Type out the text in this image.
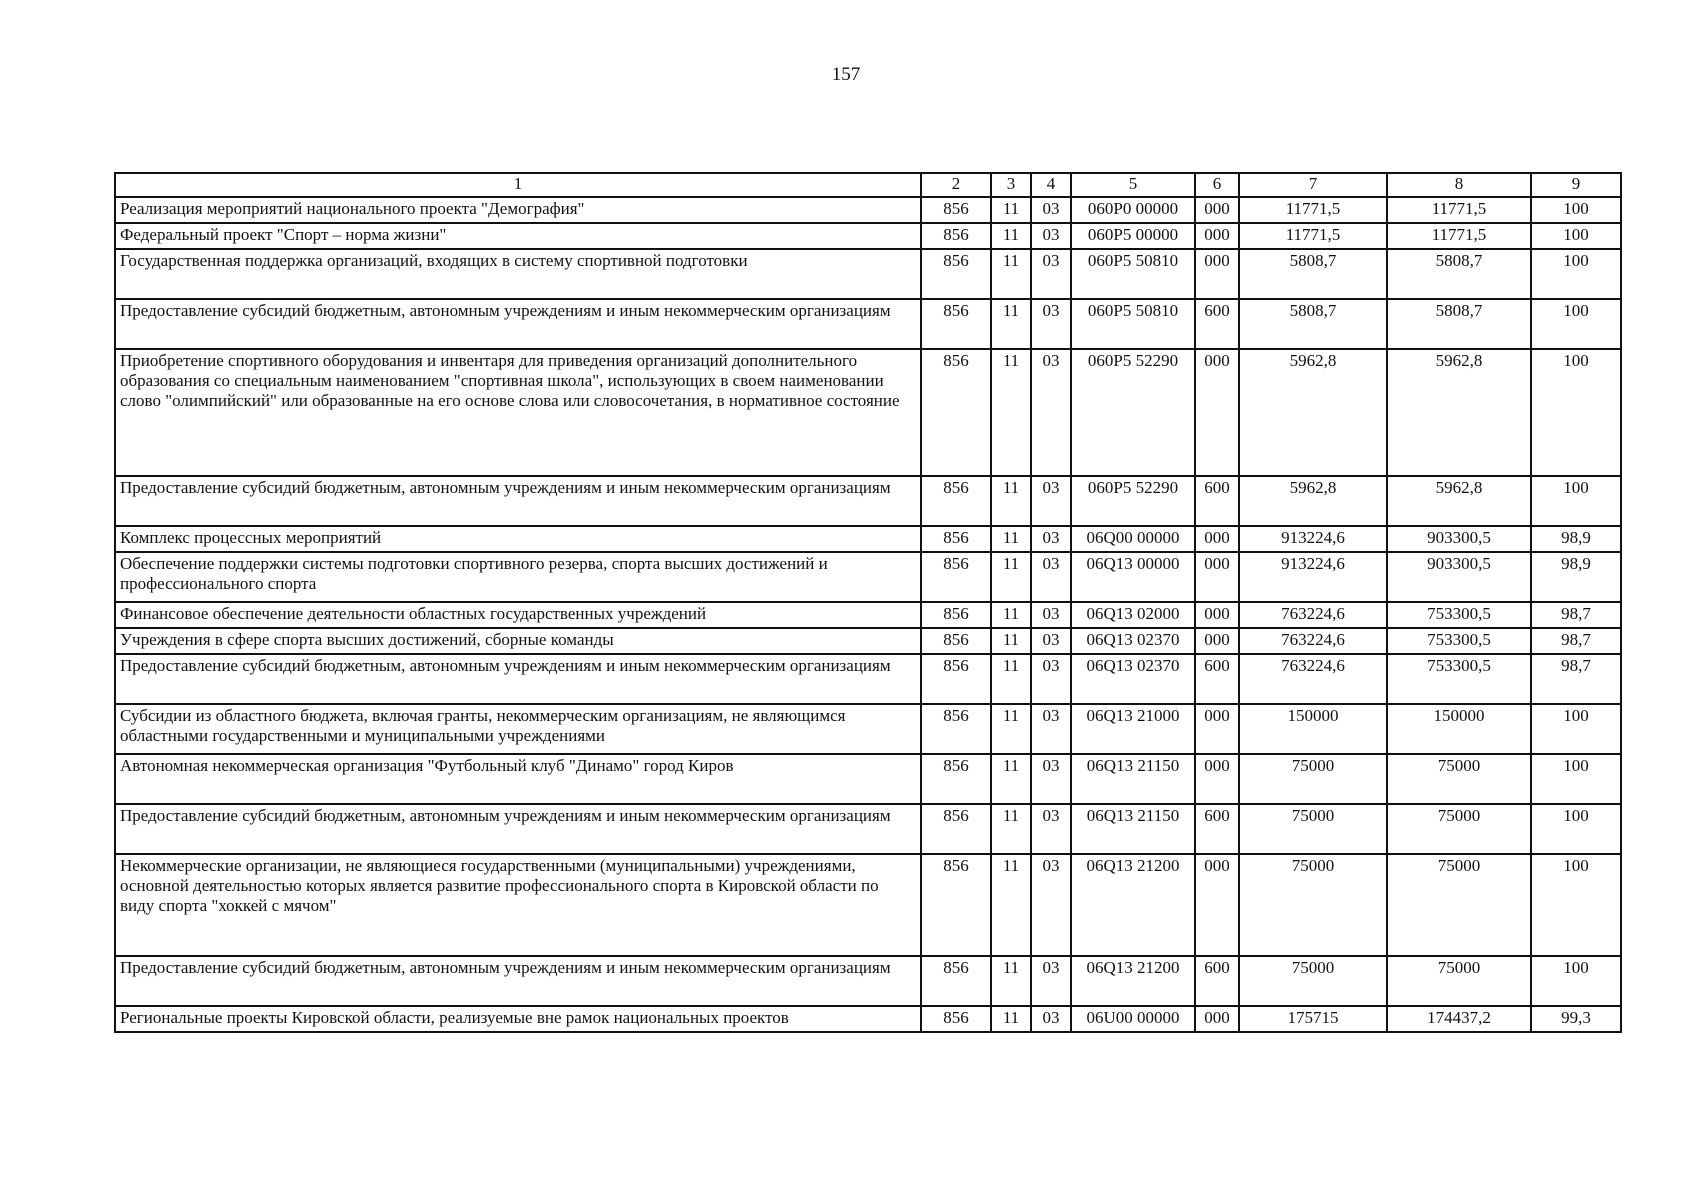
157
1	2	3	4	5	6	7	8	9
Реализация мероприятий национального проекта "Демография"	856	11	03	060P0 00000	000	11771,5	11771,5	100
Федеральный проект "Спорт – норма жизни"	856	11	03	060P5 00000	000	11771,5	11771,5	100
Государственная поддержка организаций, входящих в систему спортивной подготовки	856	11	03	060P5 50810	000	5808,7	5808,7	100
Предоставление субсидий бюджетным, автономным учреждениям и иным некоммерческим организациям	856	11	03	060P5 50810	600	5808,7	5808,7	100
Приобретение спортивного оборудования и инвентаря для приведения организаций дополнительного образования со специальным наименованием "спортивная школа", использующих в своем наименовании слово "олимпийский" или образованные на его основе слова или словосочетания, в нормативное состояние	856	11	03	060P5 52290	000	5962,8	5962,8	100
Предоставление субсидий бюджетным, автономным учреждениям и иным некоммерческим организациям	856	11	03	060P5 52290	600	5962,8	5962,8	100
Комплекс процессных мероприятий	856	11	03	06Q00 00000	000	913224,6	903300,5	98,9
Обеспечение поддержки системы подготовки спортивного резерва, спорта высших достижений и профессионального спорта	856	11	03	06Q13 00000	000	913224,6	903300,5	98,9
Финансовое обеспечение деятельности областных государственных учреждений	856	11	03	06Q13 02000	000	763224,6	753300,5	98,7
Учреждения в сфере спорта высших достижений, сборные команды	856	11	03	06Q13 02370	000	763224,6	753300,5	98,7
Предоставление субсидий бюджетным, автономным учреждениям и иным некоммерческим организациям	856	11	03	06Q13 02370	600	763224,6	753300,5	98,7
Субсидии из областного бюджета, включая гранты, некоммерческим организациям, не являющимся областными государственными и муниципальными учреждениями	856	11	03	06Q13 21000	000	150000	150000	100
Автономная некоммерческая организация "Футбольный клуб "Динамо" город Киров	856	11	03	06Q13 21150	000	75000	75000	100
Предоставление субсидий бюджетным, автономным учреждениям и иным некоммерческим организациям	856	11	03	06Q13 21150	600	75000	75000	100
Некоммерческие организации, не являющиеся государственными (муниципальными) учреждениями, основной деятельностью которых является развитие профессионального спорта в Кировской области по виду спорта "хоккей с мячом"	856	11	03	06Q13 21200	000	75000	75000	100
Предоставление субсидий бюджетным, автономным учреждениям и иным некоммерческим организациям	856	11	03	06Q13 21200	600	75000	75000	100
Региональные проекты Кировской области, реализуемые вне рамок национальных проектов	856	11	03	06U00 00000	000	175715	174437,2	99,3
